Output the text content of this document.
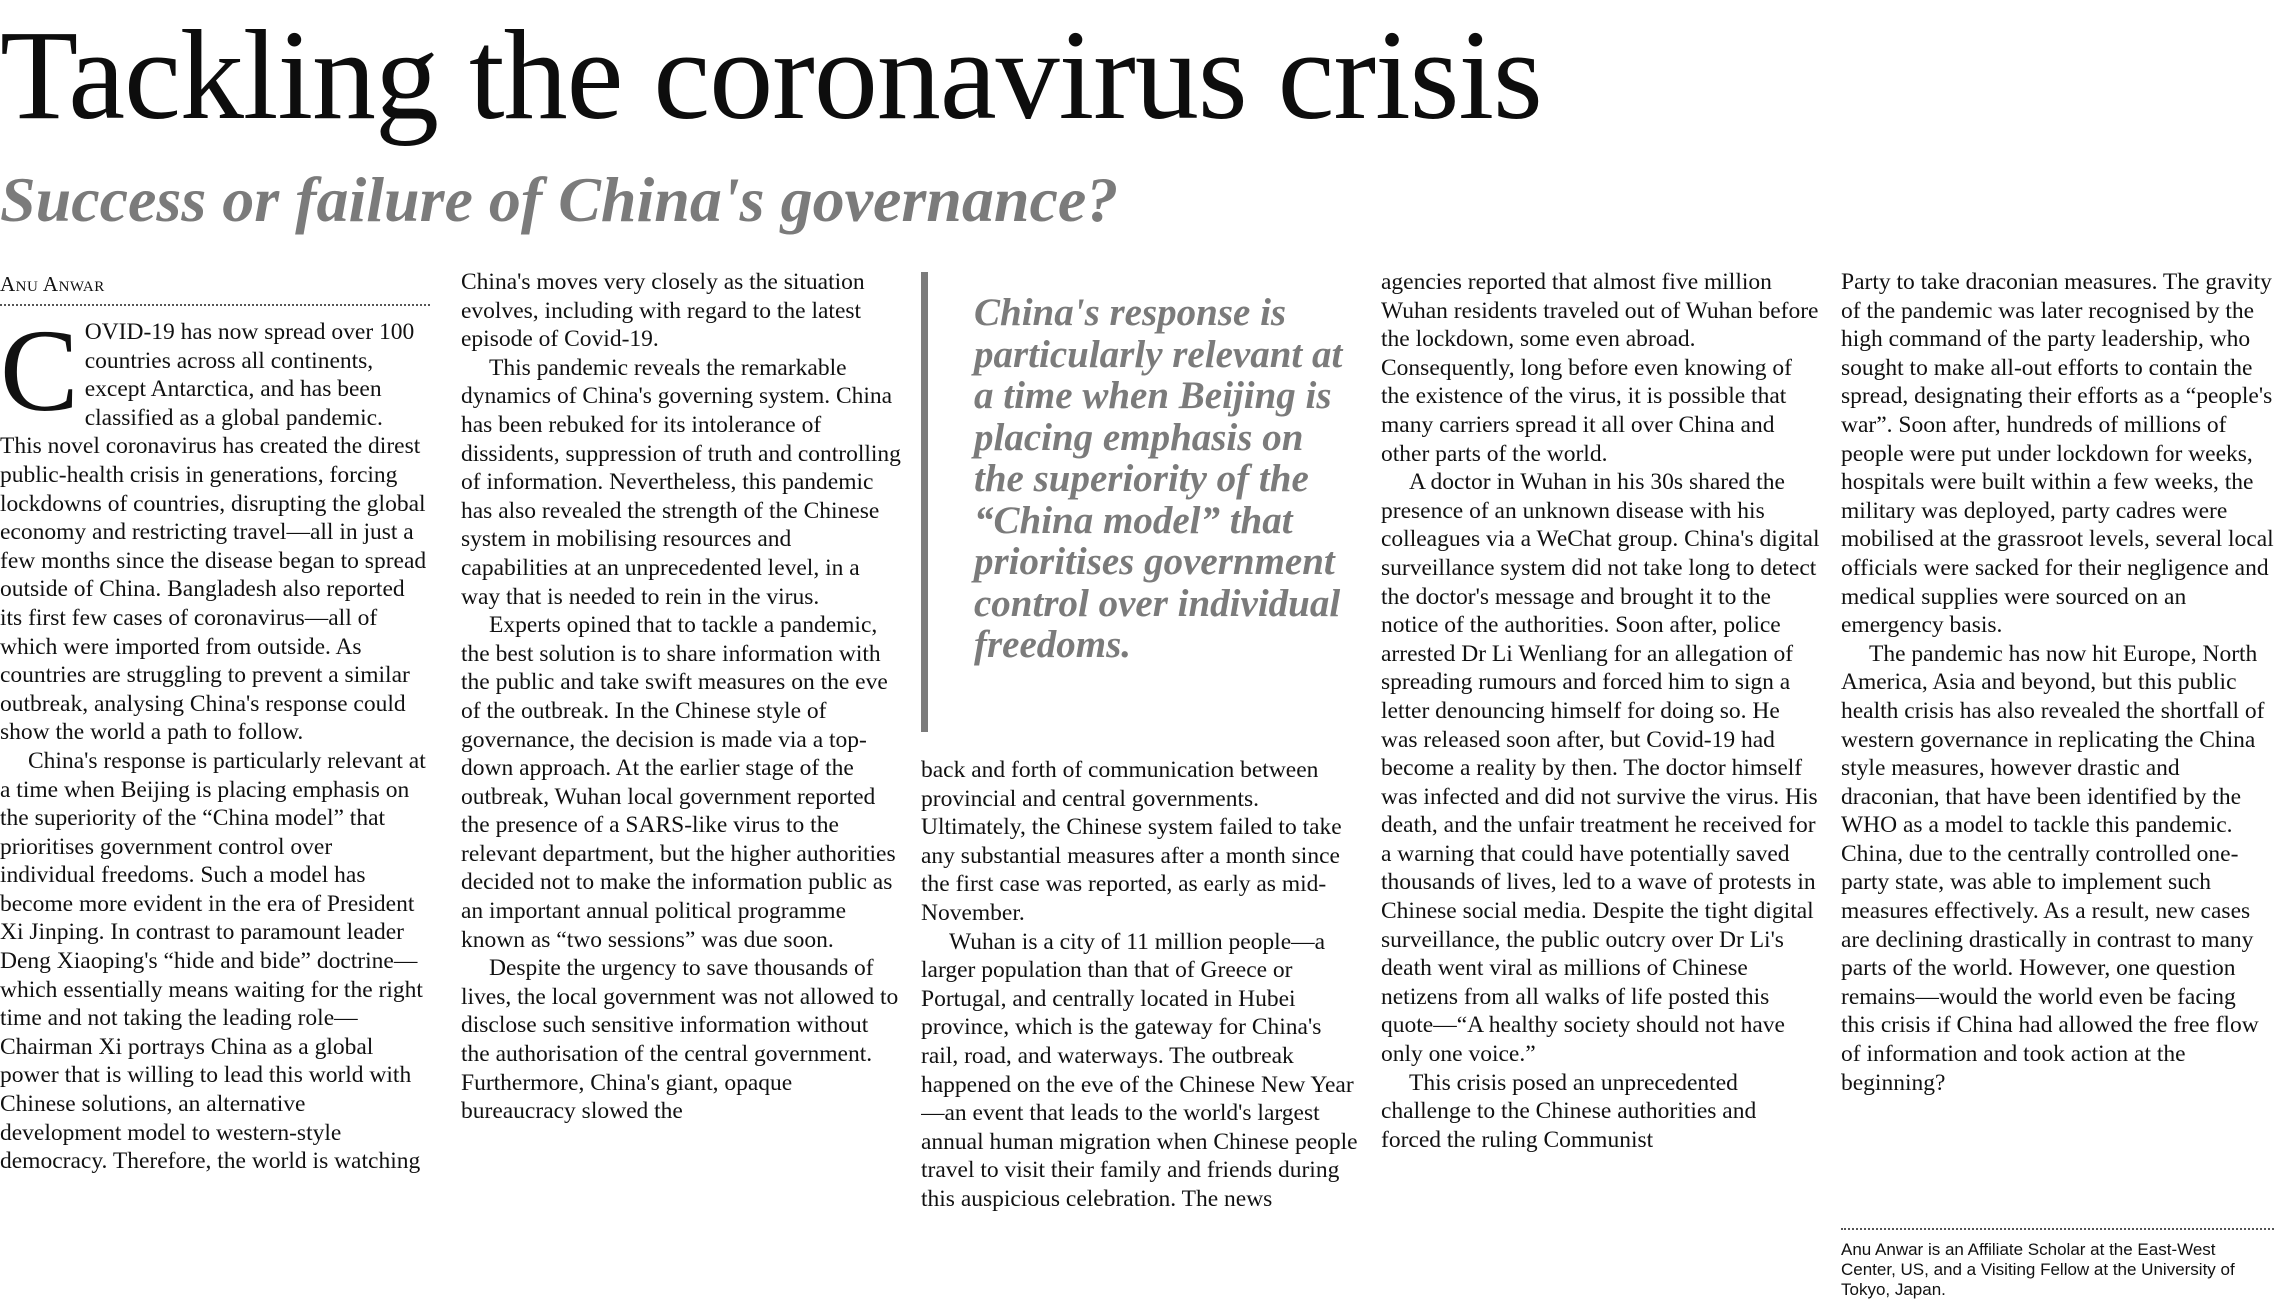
Tackling the coronavirus crisis
Success or failure of China's governance?
Anu Anwar

COVID-19 has now spread over 100 countries across all continents, except Antarctica, and has been classified as a global pandemic. This novel coronavirus has created the direst public-health crisis in generations, forcing lockdowns of countries, disrupting the global economy and restricting travel—all in just a few months since the disease began to spread outside of China. Bangladesh also reported its first few cases of coronavirus—all of which were imported from outside. As countries are struggling to prevent a similar outbreak, analysing China's response could show the world a path to follow.

China's response is particularly relevant at a time when Beijing is placing emphasis on the superiority of the “China model” that prioritises government control over individual freedoms. Such a model has become more evident in the era of President Xi Jinping. In contrast to paramount leader Deng Xiaoping's “hide and bide” doctrine—which essentially means waiting for the right time and not taking the leading role—Chairman Xi portrays China as a global power that is willing to lead this world with Chinese solutions, an alternative development model to western-style democracy. Therefore, the world is watching

China's moves very closely as the situation evolves, including with regard to the latest episode of Covid-19.

This pandemic reveals the remarkable dynamics of China's governing system. China has been rebuked for its intolerance of dissidents, suppression of truth and controlling of information. Nevertheless, this pandemic has also revealed the strength of the Chinese system in mobilising resources and capabilities at an unprecedented level, in a way that is needed to rein in the virus.

Experts opined that to tackle a pandemic, the best solution is to share information with the public and take swift measures on the eve of the outbreak. In the Chinese style of governance, the decision is made via a top-down approach. At the earlier stage of the outbreak, Wuhan local government reported the presence of a SARS-like virus to the relevant department, but the higher authorities decided not to make the information public as an important annual political programme known as “two sessions” was due soon.

Despite the urgency to save thousands of lives, the local government was not allowed to disclose such sensitive information without the authorisation of the central government. Furthermore, China's giant, opaque bureaucracy slowed the

China's response is particularly relevant at a time when Beijing is placing emphasis on the superiority of the “China model” that prioritises government control over individual freedoms.

back and forth of communication between provincial and central governments. Ultimately, the Chinese system failed to take any substantial measures after a month since the first case was reported, as early as mid-November.

Wuhan is a city of 11 million people—a larger population than that of Greece or Portugal, and centrally located in Hubei province, which is the gateway for China's rail, road, and waterways. The outbreak happened on the eve of the Chinese New Year—an event that leads to the world's largest annual human migration when Chinese people travel to visit their family and friends during this auspicious celebration. The news

agencies reported that almost five million Wuhan residents traveled out of Wuhan before the lockdown, some even abroad. Consequently, long before even knowing of the existence of the virus, it is possible that many carriers spread it all over China and other parts of the world.

A doctor in Wuhan in his 30s shared the presence of an unknown disease with his colleagues via a WeChat group. China's digital surveillance system did not take long to detect the doctor's message and brought it to the notice of the authorities. Soon after, police arrested Dr Li Wenliang for an allegation of spreading rumours and forced him to sign a letter denouncing himself for doing so. He was released soon after, but Covid-19 had become a reality by then. The doctor himself was infected and did not survive the virus. His death, and the unfair treatment he received for a warning that could have potentially saved thousands of lives, led to a wave of protests in Chinese social media. Despite the tight digital surveillance, the public outcry over Dr Li's death went viral as millions of Chinese netizens from all walks of life posted this quote—“A healthy society should not have only one voice.”

This crisis posed an unprecedented challenge to the Chinese authorities and forced the ruling Communist

Party to take draconian measures. The gravity of the pandemic was later recognised by the high command of the party leadership, who sought to make all-out efforts to contain the spread, designating their efforts as a “people's war”. Soon after, hundreds of millions of people were put under lockdown for weeks, hospitals were built within a few weeks, the military was deployed, party cadres were mobilised at the grassroot levels, several local officials were sacked for their negligence and medical supplies were sourced on an emergency basis.

The pandemic has now hit Europe, North America, Asia and beyond, but this public health crisis has also revealed the shortfall of western governance in replicating the China style measures, however drastic and draconian, that have been identified by the WHO as a model to tackle this pandemic. China, due to the centrally controlled one-party state, was able to implement such measures effectively. As a result, new cases are declining drastically in contrast to many parts of the world. However, one question remains—would the world even be facing this crisis if China had allowed the free flow of information and took action at the beginning?

Anu Anwar is an Affiliate Scholar at the East-West Center, US, and a Visiting Fellow at the University of Tokyo, Japan.
